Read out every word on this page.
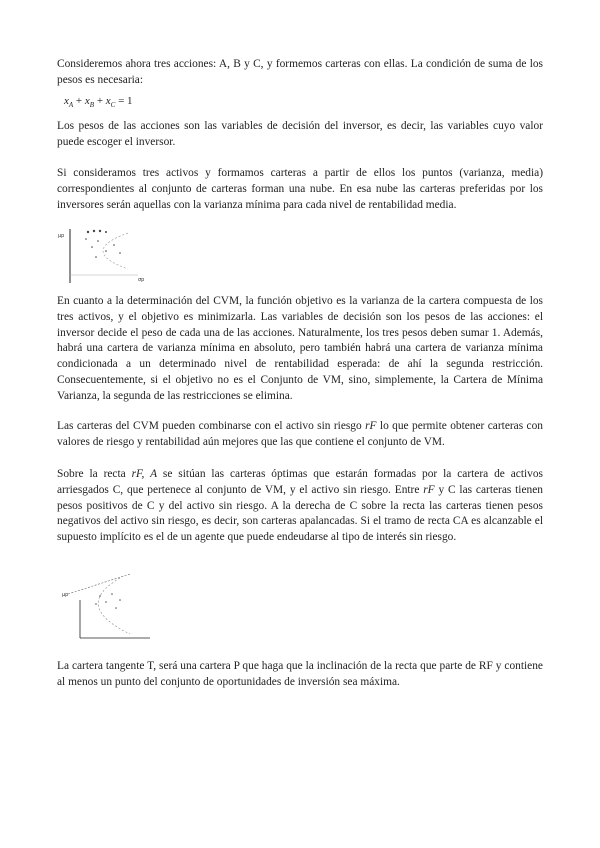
Consideremos ahora tres acciones: A, B y C, y formemos carteras con ellas. La condición de suma de los pesos es necesaria:

$x_A + x_B + x_C = 1$

Los pesos de las acciones son las variables de decisión del inversor, es decir, las variables cuyo valor puede escoger el inversor.

Si consideramos tres activos y formamos carteras a partir de ellos los puntos (varianza, media) correspondientes al conjunto de carteras forman una nube. En esa nube las carteras preferidas por los inversores serán aquellas con la varianza mínima para cada nivel de rentabilidad media.

µp
σp

En cuanto a la determinación del CVM, la función objetivo es la varianza de la cartera compuesta de los tres activos, y el objetivo es minimizarla. Las variables de decisión son los pesos de las acciones: el inversor decide el peso de cada una de las acciones. Naturalmente, los tres pesos deben sumar 1. Además, habrá una cartera de varianza mínima en absoluto, pero también habrá una cartera de varianza mínima condicionada a un determinado nivel de rentabilidad esperada: de ahí la segunda restricción. Consecuentemente, si el objetivo no es el Conjunto de VM, sino, simplemente, la Cartera de Mínima Varianza, la segunda de las restricciones se elimina.

Las carteras del CVM pueden combinarse con el activo sin riesgo rF lo que permite obtener carteras con valores de riesgo y rentabilidad aún mejores que las que contiene el conjunto de VM.

Sobre la recta rF, A se sitúan las carteras óptimas que estarán formadas por la cartera de activos arriesgados C, que pertenece al conjunto de VM, y el activo sin riesgo. Entre rF y C las carteras tienen pesos positivos de C y del activo sin riesgo. A la derecha de C sobre la recta las carteras tienen pesos negativos del activo sin riesgo, es decir, son carteras apalancadas. Si el tramo de recta CA es alcanzable el supuesto implícito es el de un agente que puede endeudarse al tipo de interés sin riesgo.

µp

La cartera tangente T, será una cartera P que haga que la inclinación de la recta que parte de RF y contiene al menos un punto del conjunto de oportunidades de inversión sea máxima.
